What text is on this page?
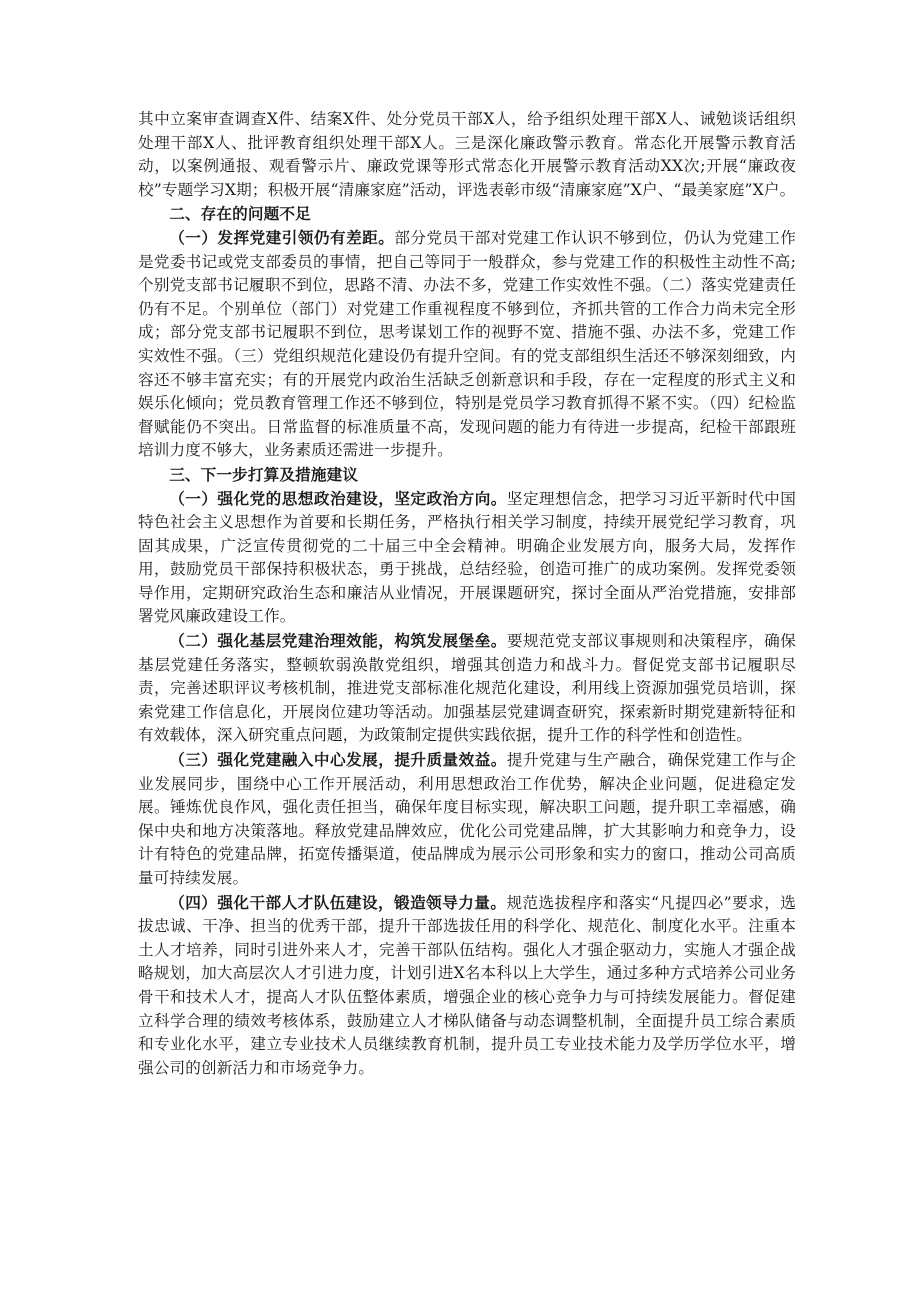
其中立案审查调查X件、结案X件、处分党员干部X人，给予组织处理干部X人、诫勉谈话组织处理干部X人、批评教育组织处理干部X人。三是深化廉政警示教育。常态化开展警示教育活动，以案例通报、观看警示片、廉政党课等形式常态化开展警示教育活动XX次;开展“廉政夜校”专题学习X期；积极开展“清廉家庭”活动，评选表彰市级“清廉家庭”X户、“最美家庭”X户。

二、存在的问题不足

（一）发挥党建引领仍有差距。部分党员干部对党建工作认识不够到位，仍认为党建工作是党委书记或党支部委员的事情，把自己等同于一般群众，参与党建工作的积极性主动性不高;个别党支部书记履职不到位，思路不清、办法不多，党建工作实效性不强。（二）落实党建责任仍有不足。个别单位（部门）对党建工作重视程度不够到位，齐抓共管的工作合力尚未完全形成；部分党支部书记履职不到位，思考谋划工作的视野不宽、措施不强、办法不多，党建工作实效性不强。（三）党组织规范化建设仍有提升空间。有的党支部组织生活还不够深刻细致，内容还不够丰富充实；有的开展党内政治生活缺乏创新意识和手段，存在一定程度的形式主义和娱乐化倾向；党员教育管理工作还不够到位，特别是党员学习教育抓得不紧不实。（四）纪检监督赋能仍不突出。日常监督的标准质量不高，发现问题的能力有待进一步提高，纪检干部跟班培训力度不够大，业务素质还需进一步提升。

三、下一步打算及措施建议

（一）强化党的思想政治建设，坚定政治方向。坚定理想信念，把学习习近平新时代中国特色社会主义思想作为首要和长期任务，严格执行相关学习制度，持续开展党纪学习教育，巩固其成果，广泛宣传贯彻党的二十届三中全会精神。明确企业发展方向，服务大局，发挥作用，鼓励党员干部保持积极状态，勇于挑战，总结经验，创造可推广的成功案例。发挥党委领导作用，定期研究政治生态和廉洁从业情况，开展课题研究，探讨全面从严治党措施，安排部署党风廉政建设工作。

（二）强化基层党建治理效能，构筑发展堡垒。要规范党支部议事规则和决策程序，确保基层党建任务落实，整顿软弱涣散党组织，增强其创造力和战斗力。督促党支部书记履职尽责，完善述职评议考核机制，推进党支部标准化规范化建设，利用线上资源加强党员培训，探索党建工作信息化，开展岗位建功等活动。加强基层党建调查研究，探索新时期党建新特征和有效载体，深入研究重点问题，为政策制定提供实践依据，提升工作的科学性和创造性。

（三）强化党建融入中心发展，提升质量效益。提升党建与生产融合，确保党建工作与企业发展同步，围绕中心工作开展活动，利用思想政治工作优势，解决企业问题，促进稳定发展。锤炼优良作风，强化责任担当，确保年度目标实现，解决职工问题，提升职工幸福感，确保中央和地方决策落地。释放党建品牌效应，优化公司党建品牌，扩大其影响力和竞争力，设计有特色的党建品牌，拓宽传播渠道，使品牌成为展示公司形象和实力的窗口，推动公司高质量可持续发展。

（四）强化干部人才队伍建设，锻造领导力量。规范选拔程序和落实“凡提四必”要求，选拔忠诚、干净、担当的优秀干部，提升干部选拔任用的科学化、规范化、制度化水平。注重本土人才培养，同时引进外来人才，完善干部队伍结构。强化人才强企驱动力，实施人才强企战略规划，加大高层次人才引进力度，计划引进X名本科以上大学生，通过多种方式培养公司业务骨干和技术人才，提高人才队伍整体素质，增强企业的核心竞争力与可持续发展能力。督促建立科学合理的绩效考核体系，鼓励建立人才梯队储备与动态调整机制，全面提升员工综合素质和专业化水平，建立专业技术人员继续教育机制，提升员工专业技术能力及学历学位水平，增强公司的创新活力和市场竞争力。
